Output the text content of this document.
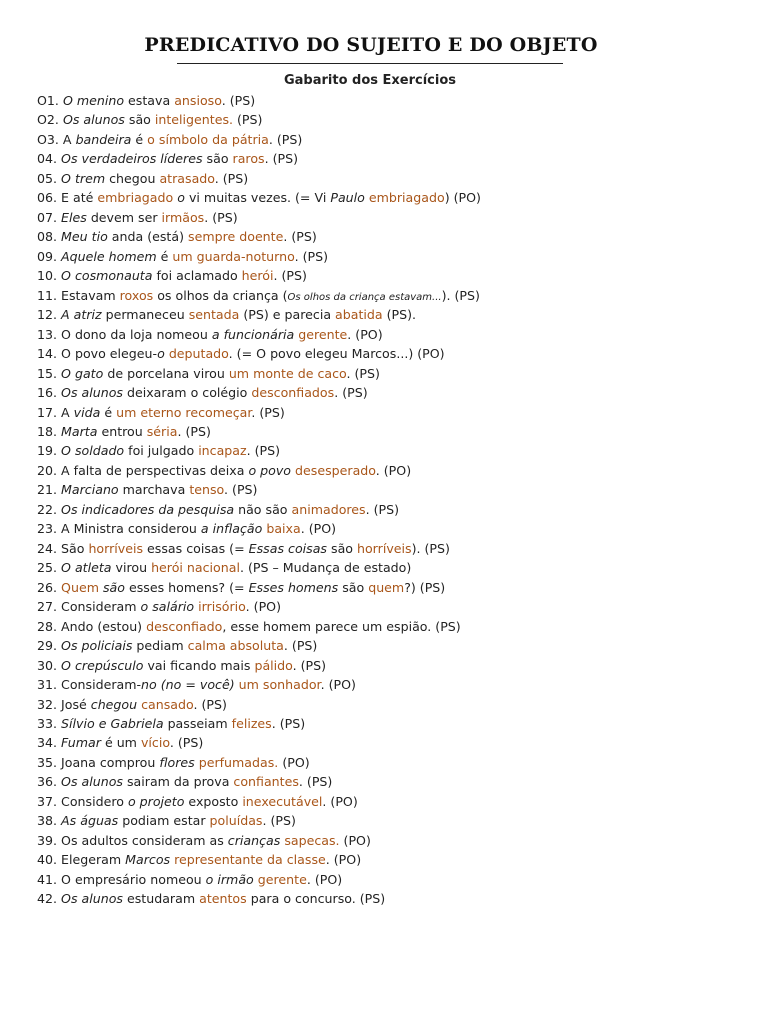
PREDICATIVO DO SUJEITO E DO OBJETO
Gabarito dos Exercícios
O1. O menino estava ansioso. (PS)
O2. Os alunos são inteligentes. (PS)
O3. A bandeira é o símbolo da pátria. (PS)
04. Os verdadeiros líderes são raros. (PS)
05. O trem chegou atrasado. (PS)
06. E até embriagado o vi muitas vezes. (= Vi Paulo embriagado) (PO)
07. Eles devem ser irmãos. (PS)
08. Meu tio anda (está) sempre doente. (PS)
09. Aquele homem é um guarda-noturno. (PS)
10. O cosmonauta foi aclamado herói. (PS)
11. Estavam roxos os olhos da criança (Os olhos da criança estavam...). (PS)
12. A atriz permaneceu sentada (PS) e parecia abatida (PS).
13. O dono da loja nomeou a funcionária gerente. (PO)
14. O povo elegeu-o deputado. (= O povo elegeu Marcos...) (PO)
15. O gato de porcelana virou um monte de caco. (PS)
16. Os alunos deixaram o colégio desconfiados. (PS)
17. A vida é um eterno recomeçar. (PS)
18. Marta entrou séria. (PS)
19. O soldado foi julgado incapaz. (PS)
20. A falta de perspectivas deixa o povo desesperado. (PO)
21. Marciano marchava tenso. (PS)
22. Os indicadores da pesquisa não são animadores. (PS)
23. A Ministra considerou a inflação baixa. (PO)
24. São horríveis essas coisas (= Essas coisas são horríveis). (PS)
25. O atleta virou herói nacional. (PS – Mudança de estado)
26. Quem são esses homens? (= Esses homens são quem?) (PS)
27. Consideram o salário irrisório. (PO)
28. Ando (estou) desconfiado, esse homem parece um espião. (PS)
29. Os policiais pediam calma absoluta. (PS)
30. O crepúsculo vai ficando mais pálido. (PS)
31. Consideram-no (no = você) um sonhador. (PO)
32. José chegou cansado. (PS)
33. Sílvio e Gabriela passeiam felizes. (PS)
34. Fumar é um vício. (PS)
35. Joana comprou flores perfumadas. (PO)
36. Os alunos sairam da prova confiantes. (PS)
37. Considero o projeto exposto inexecutável. (PO)
38. As águas podiam estar poluídas. (PS)
39. Os adultos consideram as crianças sapecas. (PO)
40. Elegeram Marcos representante da classe. (PO)
41. O empresário nomeou o irmão gerente. (PO)
42. Os alunos estudaram atentos para o concurso. (PS)
